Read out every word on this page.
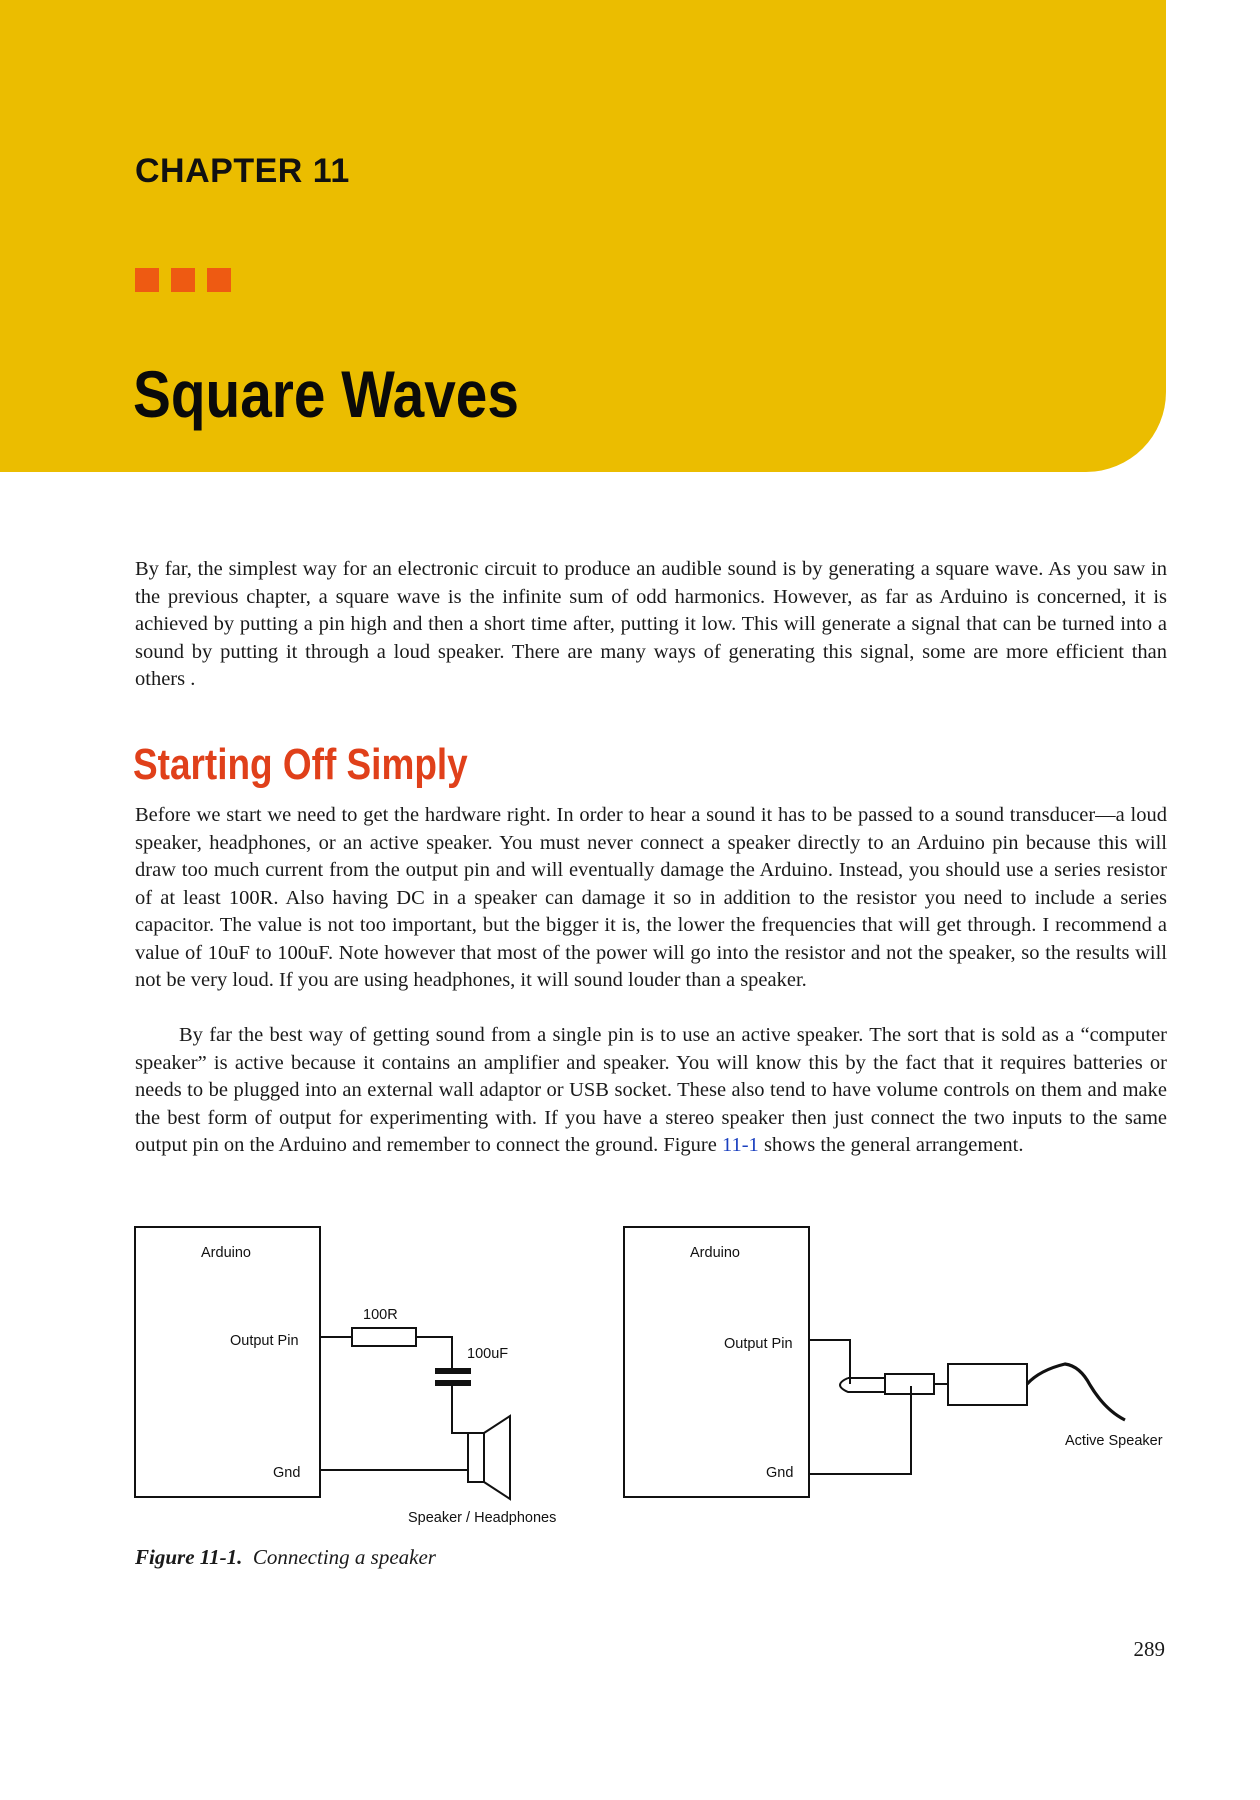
CHAPTER 11
Square Waves

By far, the simplest way for an electronic circuit to produce an audible sound is by generating a square wave. As you saw in the previous chapter, a square wave is the infinite sum of odd harmonics. However, as far as Arduino is concerned, it is achieved by putting a pin high and then a short time after, putting it low. This will generate a signal that can be turned into a sound by putting it through a loud speaker. There are many ways of generating this signal, some are more efficient than others .

Starting Off Simply

Before we start we need to get the hardware right. In order to hear a sound it has to be passed to a sound transducer—a loud speaker, headphones, or an active speaker. You must never connect a speaker directly to an Arduino pin because this will draw too much current from the output pin and will eventually damage the Arduino. Instead, you should use a series resistor of at least 100R. Also having DC in a speaker can damage it so in addition to the resistor you need to include a series capacitor. The value is not too important, but the bigger it is, the lower the frequencies that will get through. I recommend a value of 10uF to 100uF. Note however that most of the power will go into the resistor and not the speaker, so the results will not be very loud. If you are using headphones, it will sound louder than a speaker.

By far the best way of getting sound from a single pin is to use an active speaker. The sort that is sold as a “computer speaker” is active because it contains an amplifier and speaker. You will know this by the fact that it requires batteries or needs to be plugged into an external wall adaptor or USB socket. These also tend to have volume controls on them and make the best form of output for experimenting with. If you have a stereo speaker then just connect the two inputs to the same output pin on the Arduino and remember to connect the ground. Figure 11-1 shows the general arrangement.

Arduino
Output Pin
Gnd
100R
100uF
Speaker / Headphones
Arduino
Output Pin
Gnd
Active Speaker
Figure 11-1. Connecting a speaker
289
